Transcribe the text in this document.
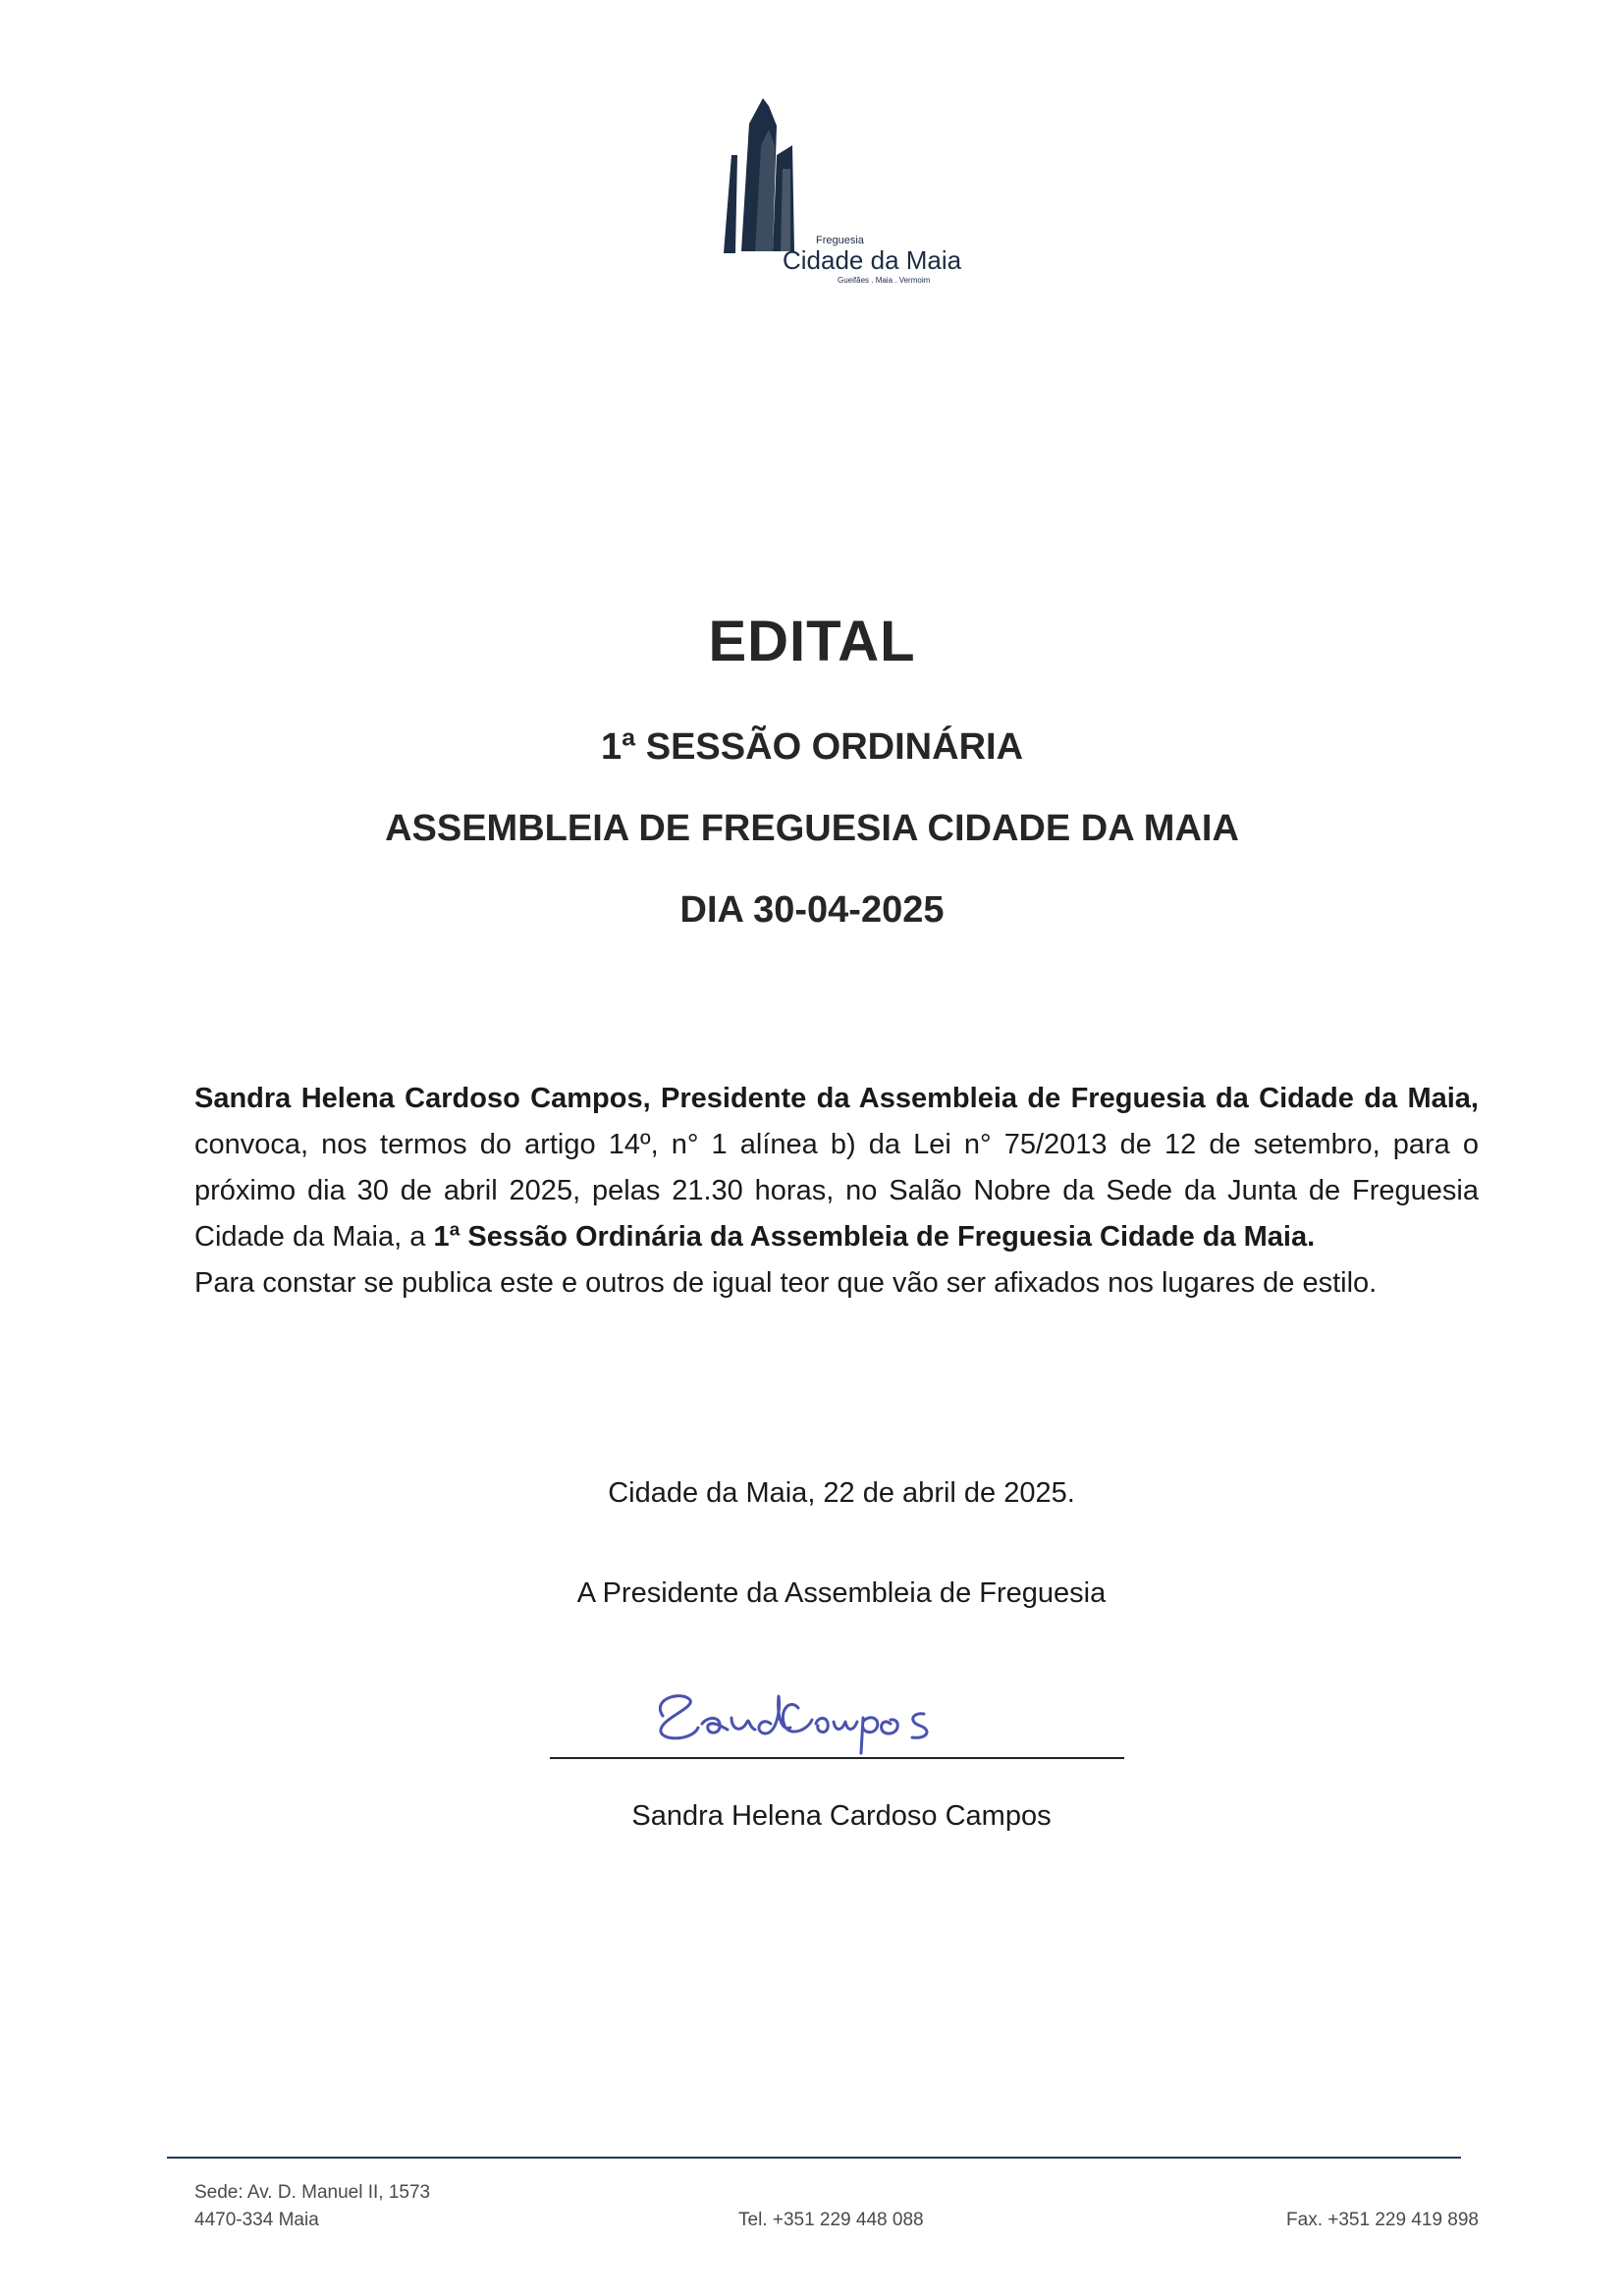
Freguesia
Cidade da Maia
Gueifães . Maia . Vermoim
EDITAL
1ª SESSÃO ORDINÁRIA
ASSEMBLEIA DE FREGUESIA CIDADE DA MAIA
DIA 30-04-2025

Sandra Helena Cardoso Campos, Presidente da Assembleia de Freguesia da Cidade da Maia, convoca, nos termos do artigo 14º, n° 1 alínea b) da Lei n° 75/2013 de 12 de setembro, para o próximo dia 30 de abril 2025, pelas 21.30 horas, no Salão Nobre da Sede da Junta de Freguesia Cidade da Maia, a 1ª Sessão Ordinária da Assembleia de Freguesia Cidade da Maia.

Para constar se publica este e outros de igual teor que vão ser afixados nos lugares de estilo.

Cidade da Maia, 22 de abril de 2025.
A Presidente da Assembleia de Freguesia
Sandra Helena Cardoso Campos
Sede: Av. D. Manuel II, 1573
4470-334 Maia	Tel. +351 229 448 088	Fax. +351 229 419 898
